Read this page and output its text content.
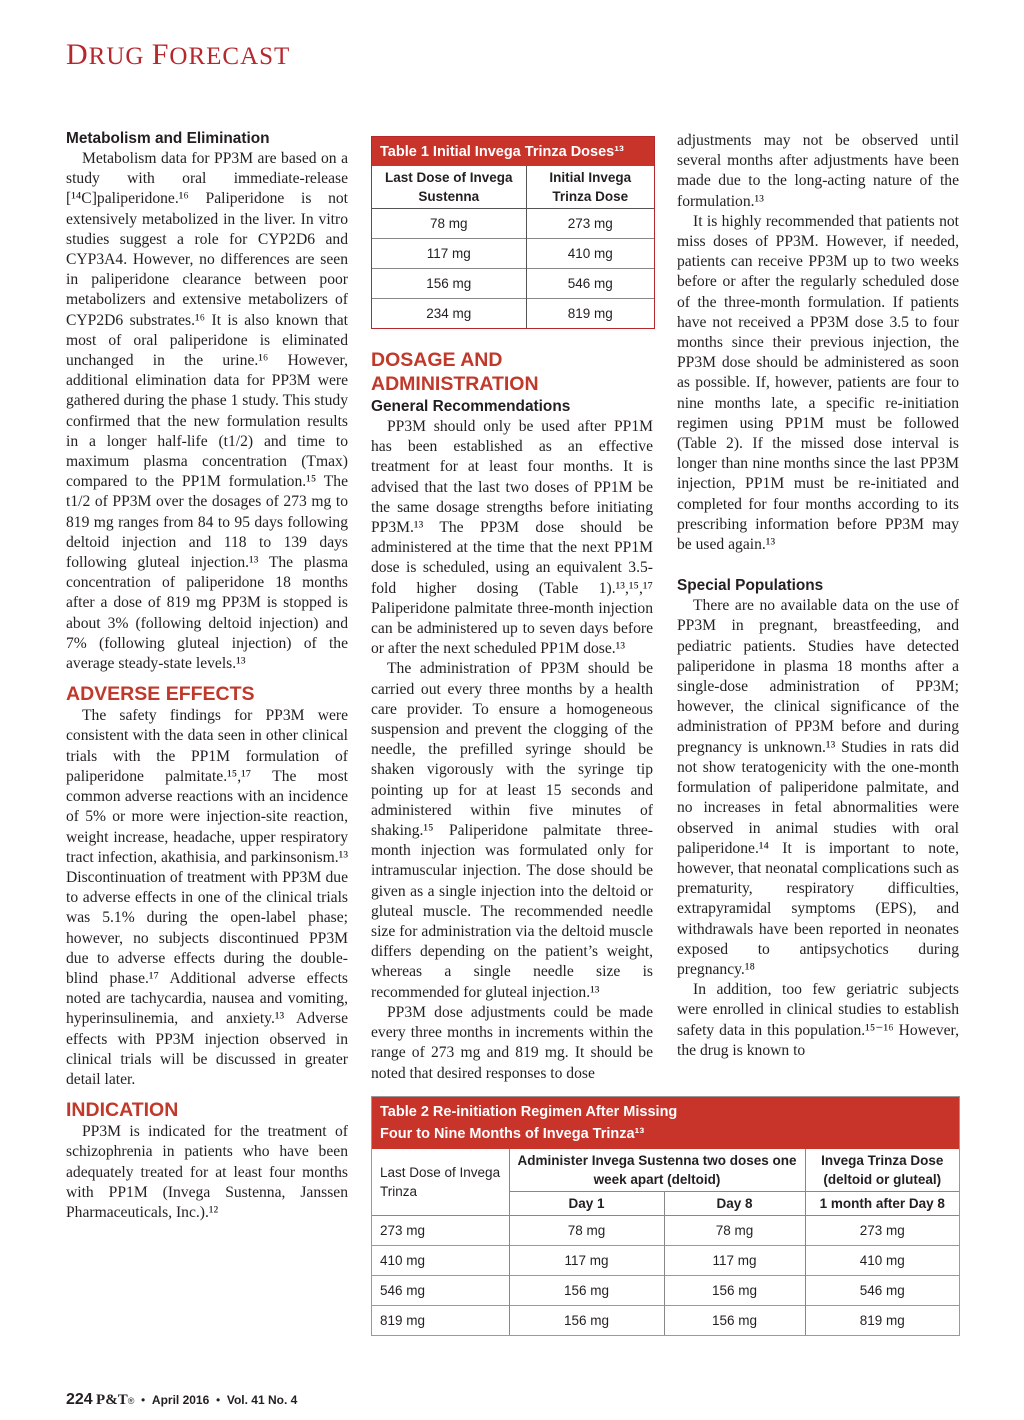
DRUG FORECAST
Metabolism and Elimination

Metabolism data for PP3M are based on a study with oral immediate-release [¹⁴C]paliperidone.¹⁶ Paliperidone is not extensively metabolized in the liver. In vitro studies suggest a role for CYP2D6 and CYP3A4. However, no differences are seen in paliperidone clearance between poor metabolizers and extensive metabolizers of CYP2D6 substrates.¹⁶ It is also known that most of oral paliperidone is eliminated unchanged in the urine.¹⁶ However, additional elimination data for PP3M were gathered during the phase 1 study. This study confirmed that the new formulation results in a longer half-life (t1/2) and time to maximum plasma concentration (Tmax) compared to the PP1M formulation.¹⁵ The t1/2 of PP3M over the dosages of 273 mg to 819 mg ranges from 84 to 95 days following deltoid injection and 118 to 139 days following gluteal injection.¹³ The plasma concentration of paliperidone 18 months after a dose of 819 mg PP3M is stopped is about 3% (following deltoid injection) and 7% (following gluteal injection) of the average steady-state levels.¹³

ADVERSE EFFECTS

The safety findings for PP3M were consistent with the data seen in other clinical trials with the PP1M formulation of paliperidone palmitate.¹⁵,¹⁷ The most common adverse reactions with an incidence of 5% or more were injection-site reaction, weight increase, headache, upper respiratory tract infection, akathisia, and parkinsonism.¹³ Discontinuation of treatment with PP3M due to adverse effects in one of the clinical trials was 5.1% during the open-label phase; however, no subjects discontinued PP3M due to adverse effects during the double-blind phase.¹⁷ Additional adverse effects noted are tachycardia, nausea and vomiting, hyperinsulinemia, and anxiety.¹³ Adverse effects with PP3M injection observed in clinical trials will be discussed in greater detail later.

INDICATION

PP3M is indicated for the treatment of schizophrenia in patients who have been adequately treated for at least four months with PP1M (Invega Sustenna, Janssen Pharmaceuticals, Inc.).¹²

Table 1 Initial Invega Trinza Doses¹³
Last Dose of Invega Sustenna	Initial Invega Trinza Dose
78 mg	273 mg
117 mg	410 mg
156 mg	546 mg
234 mg	819 mg
DOSAGE AND ADMINISTRATION
General Recommendations

PP3M should only be used after PP1M has been established as an effective treatment for at least four months. It is advised that the last two doses of PP1M be the same dosage strengths before initiating PP3M.¹³ The PP3M dose should be administered at the time that the next PP1M dose is scheduled, using an equivalent 3.5-fold higher dosing (Table 1).¹³,¹⁵,¹⁷ Paliperidone palmitate three-month injection can be administered up to seven days before or after the next scheduled PP1M dose.¹³

The administration of PP3M should be carried out every three months by a health care provider. To ensure a homogeneous suspension and prevent the clogging of the needle, the prefilled syringe should be shaken vigorously with the syringe tip pointing up for at least 15 seconds and administered within five minutes of shaking.¹⁵ Paliperidone palmitate three-month injection was formulated only for intramuscular injection. The dose should be given as a single injection into the deltoid or gluteal muscle. The recommended needle size for administration via the deltoid muscle differs depending on the patient’s weight, whereas a single needle size is recommended for gluteal injection.¹³

PP3M dose adjustments could be made every three months in increments within the range of 273 mg and 819 mg. It should be noted that desired responses to dose

adjustments may not be observed until several months after adjustments have been made due to the long-acting nature of the formulation.¹³

It is highly recommended that patients not miss doses of PP3M. However, if needed, patients can receive PP3M up to two weeks before or after the regularly scheduled dose of the three-month formulation. If patients have not received a PP3M dose 3.5 to four months since their previous injection, the PP3M dose should be administered as soon as possible. If, however, patients are four to nine months late, a specific re-initiation regimen using PP1M must be followed (Table 2). If the missed dose interval is longer than nine months since the last PP3M injection, PP1M must be re-initiated and completed for four months according to its prescribing information before PP3M may be used again.¹³

Special Populations

There are no available data on the use of PP3M in pregnant, breastfeeding, and pediatric patients. Studies have detected paliperidone in plasma 18 months after a single-dose administration of PP3M; however, the clinical significance of the administration of PP3M before and during pregnancy is unknown.¹³ Studies in rats did not show teratogenicity with the one-month formulation of paliperidone palmitate, and no increases in fetal abnormalities were observed in animal studies with oral paliperidone.¹⁴ It is important to note, however, that neonatal complications such as prematurity, respiratory difficulties, extrapyramidal symptoms (EPS), and withdrawals have been reported in neonates exposed to antipsychotics during pregnancy.¹⁸

In addition, too few geriatric subjects were enrolled in clinical studies to establish safety data in this population.¹⁵⁻¹⁶ However, the drug is known to

Table 2 Re-initiation Regimen After Missing
Four to Nine Months of Invega Trinza¹³
Last Dose of Invega Trinza	Administer Invega Sustenna two doses one week apart (deltoid)		Invega Trinza Dose (deltoid or gluteal)
	Day 1	Day 8	1 month after Day 8
273 mg	78 mg	78 mg	273 mg
410 mg	117 mg	117 mg	410 mg
546 mg	156 mg	156 mg	546 mg
819 mg	156 mg	156 mg	819 mg
224 P&T®  •  April 2016  •  Vol. 41 No. 4
